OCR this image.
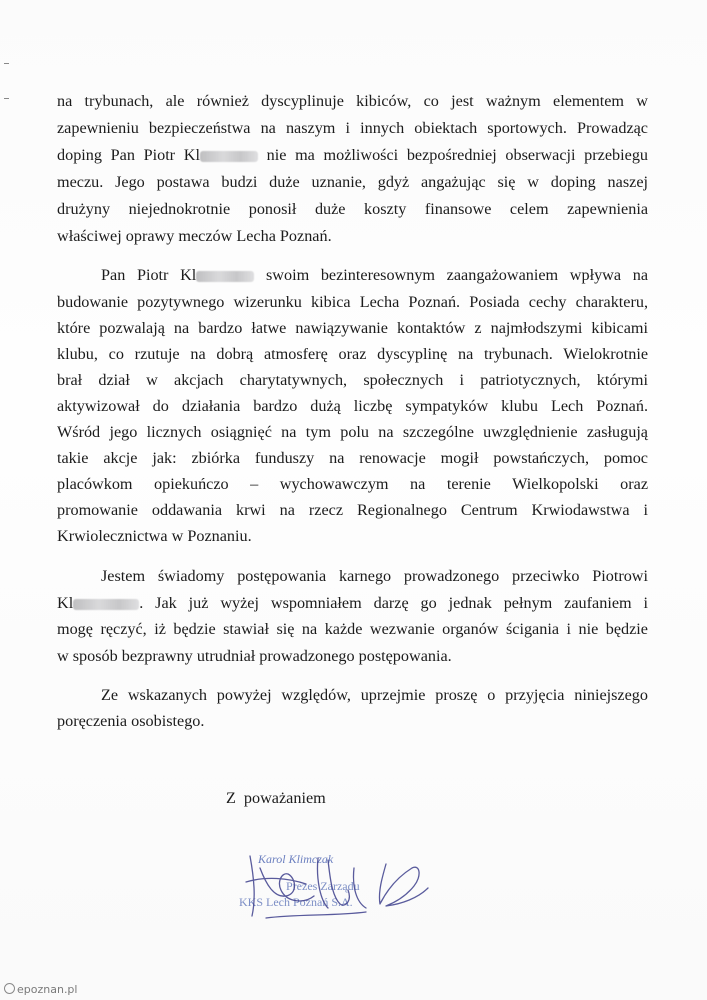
na trybunach, ale również dyscyplinuje kibiców, co jest ważnym elementem w
zapewnieniu bezpieczeństwa na naszym i innych obiektach sportowych. Prowadząc
doping Pan Piotr Kl	nie ma możliwości bezpośredniej obserwacji przebiegu
meczu. Jego postawa budzi duże uznanie, gdyż angażując się w doping naszej
drużyny niejednokrotnie ponosił duże koszty finansowe celem zapewnienia
właściwej oprawy meczów Lecha Poznań.
Pan Piotr Kl	swoim bezinteresownym zaangażowaniem wpływa na
budowanie pozytywnego wizerunku kibica Lecha Poznań. Posiada cechy charakteru,
które pozwalają na bardzo łatwe nawiązywanie kontaktów z najmłodszymi kibicami
klubu, co rzutuje na dobrą atmosferę oraz dyscyplinę na trybunach. Wielokrotnie
brał dział w akcjach charytatywnych, społecznych i patriotycznych, którymi
aktywizował do działania bardzo dużą liczbę sympatyków klubu Lech Poznań.
Wśród jego licznych osiągnięć na tym polu na szczególne uwzględnienie zasługują
takie akcje jak: zbiórka funduszy na renowacje mogił powstańczych, pomoc
placówkom opiekuńczo – wychowawczym na terenie Wielkopolski oraz
promowanie oddawania krwi na rzecz Regionalnego Centrum Krwiodawstwa i
Krwiolecznictwa w Poznaniu.
Jestem świadomy postępowania karnego prowadzonego przeciwko Piotrowi
Kl	. Jak już wyżej wspomniałem darzę go jednak pełnym zaufaniem i
mogę ręczyć, iż będzie stawiał się na każde wezwanie organów ścigania i nie będzie
w sposób bezprawny utrudniał prowadzonego postępowania.
Ze wskazanych powyżej względów, uprzejmie proszę o przyjęcia niniejszego
poręczenia osobistego.
Z poważaniem
Karol Klimczak
Prezes Zarządu
KKS Lech Poznań S.A.
epoznan.pl
